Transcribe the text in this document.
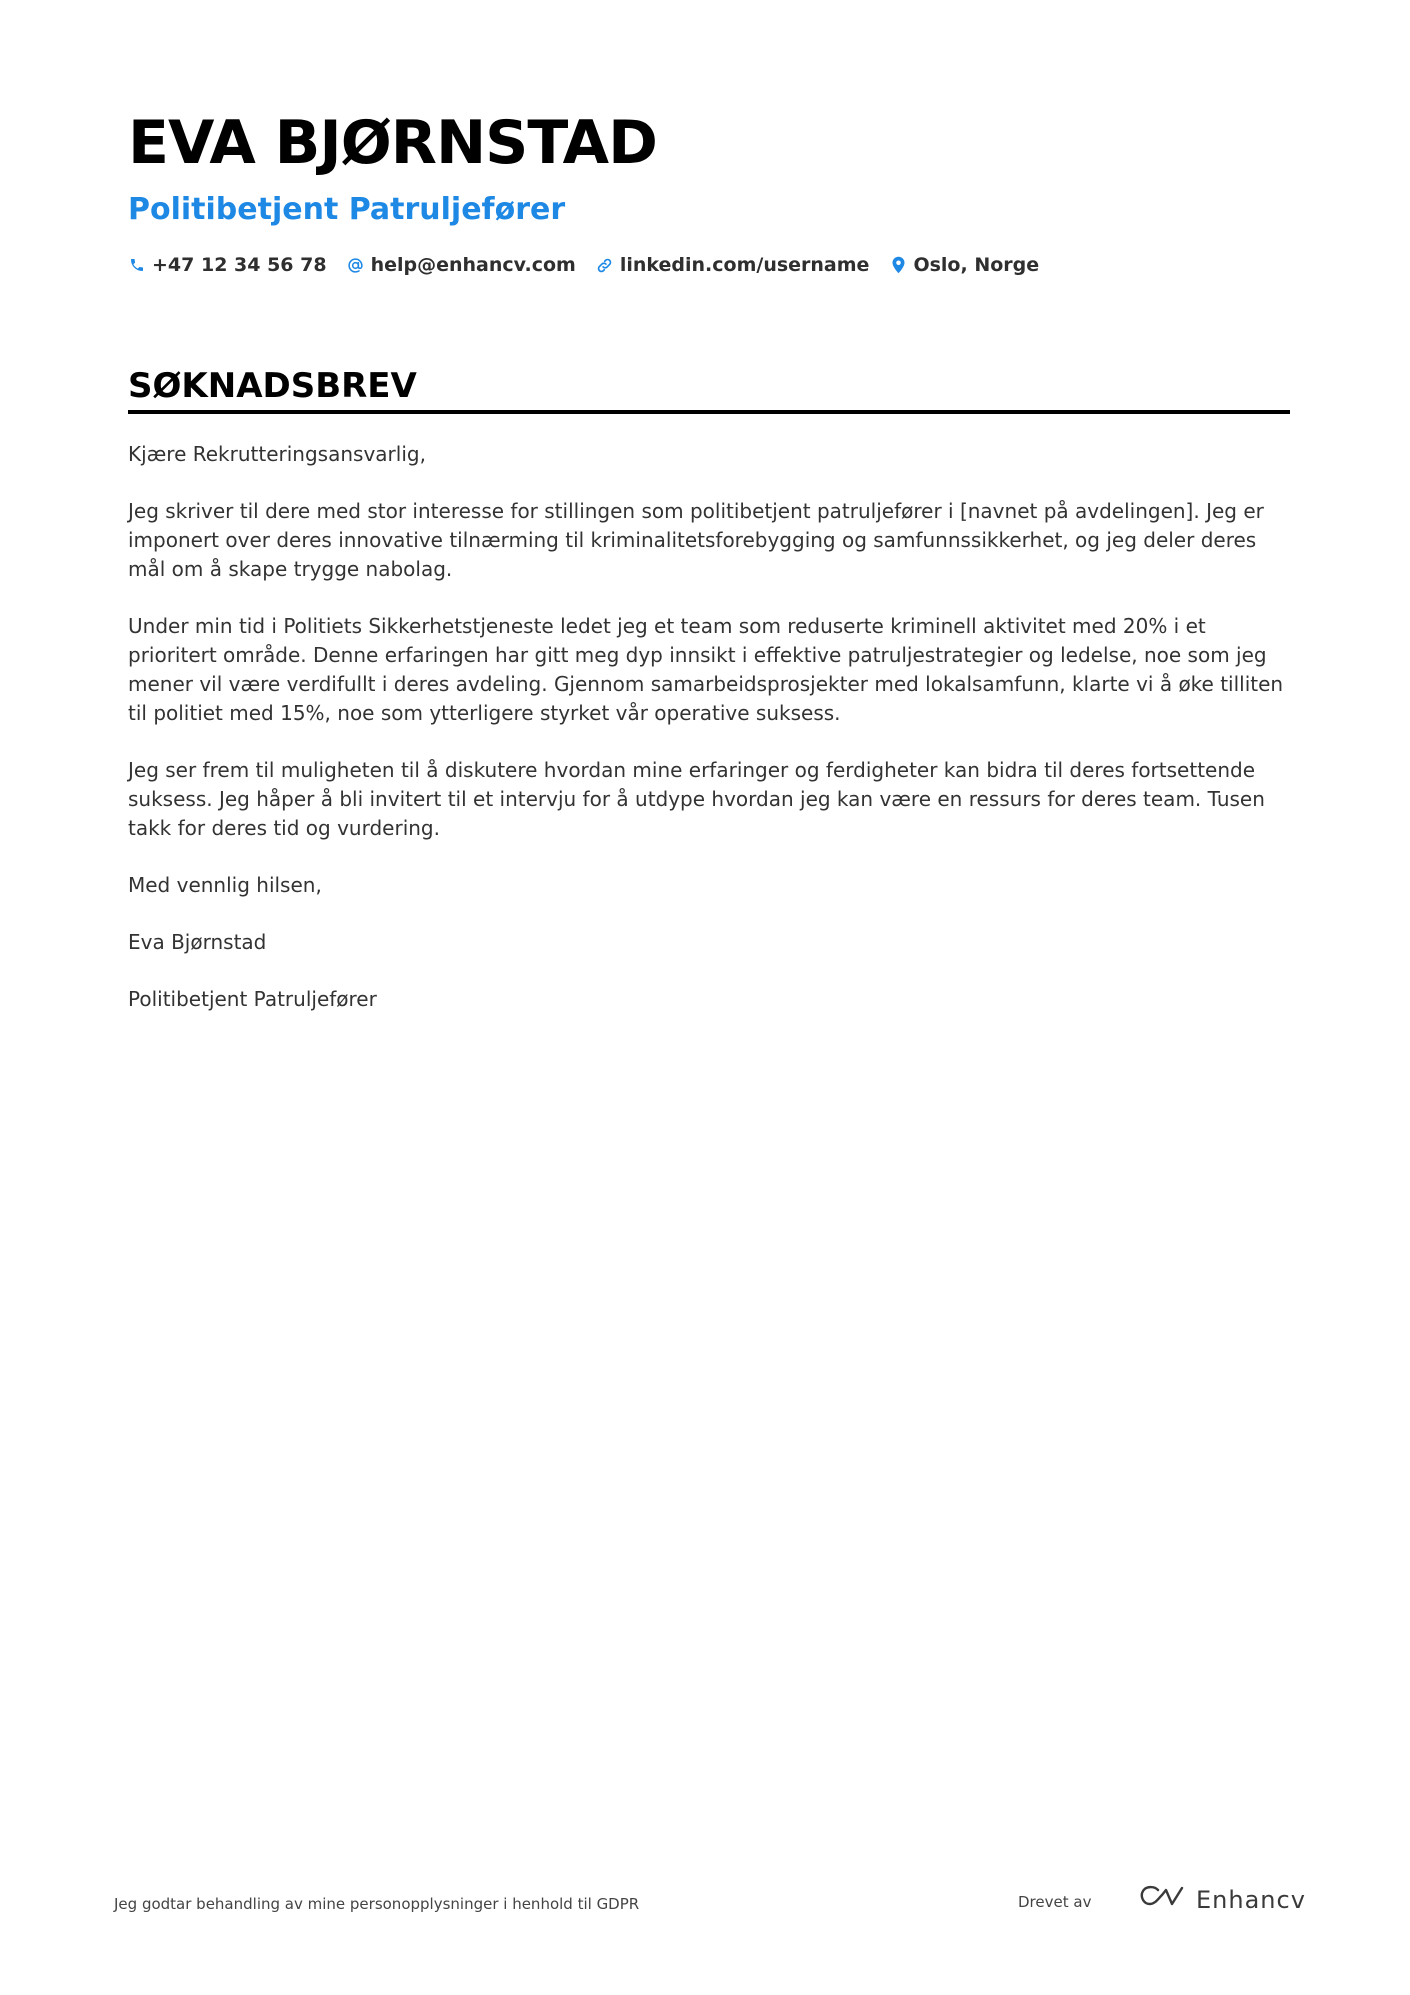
EVA BJØRNSTAD
Politibetjent Patruljefører
+47 12 34 56 78 help@enhancv.com linkedin.com/username Oslo, Norge
SØKNADSBREV

Kjære Rekrutteringsansvarlig,

Jeg skriver til dere med stor interesse for stillingen som politibetjent patruljefører i [navnet på avdelingen]. Jeg er imponert over deres innovative tilnærming til kriminalitetsforebygging og samfunnssikkerhet, og jeg deler deres mål om å skape trygge nabolag.

Under min tid i Politiets Sikkerhetstjeneste ledet jeg et team som reduserte kriminell aktivitet med 20% i et prioritert område. Denne erfaringen har gitt meg dyp innsikt i effektive patruljestrategier og ledelse, noe som jeg mener vil være verdifullt i deres avdeling. Gjennom samarbeidsprosjekter med lokalsamfunn, klarte vi å øke tilliten til politiet med 15%, noe som ytterligere styrket vår operative suksess.

Jeg ser frem til muligheten til å diskutere hvordan mine erfaringer og ferdigheter kan bidra til deres fortsettende suksess. Jeg håper å bli invitert til et intervju for å utdype hvordan jeg kan være en ressurs for deres team. Tusen takk for deres tid og vurdering.

Med vennlig hilsen,

Eva Bjørnstad

Politibetjent Patruljefører

Jeg godtar behandling av mine personopplysninger i henhold til GDPR	Drevet av	Enhancv
